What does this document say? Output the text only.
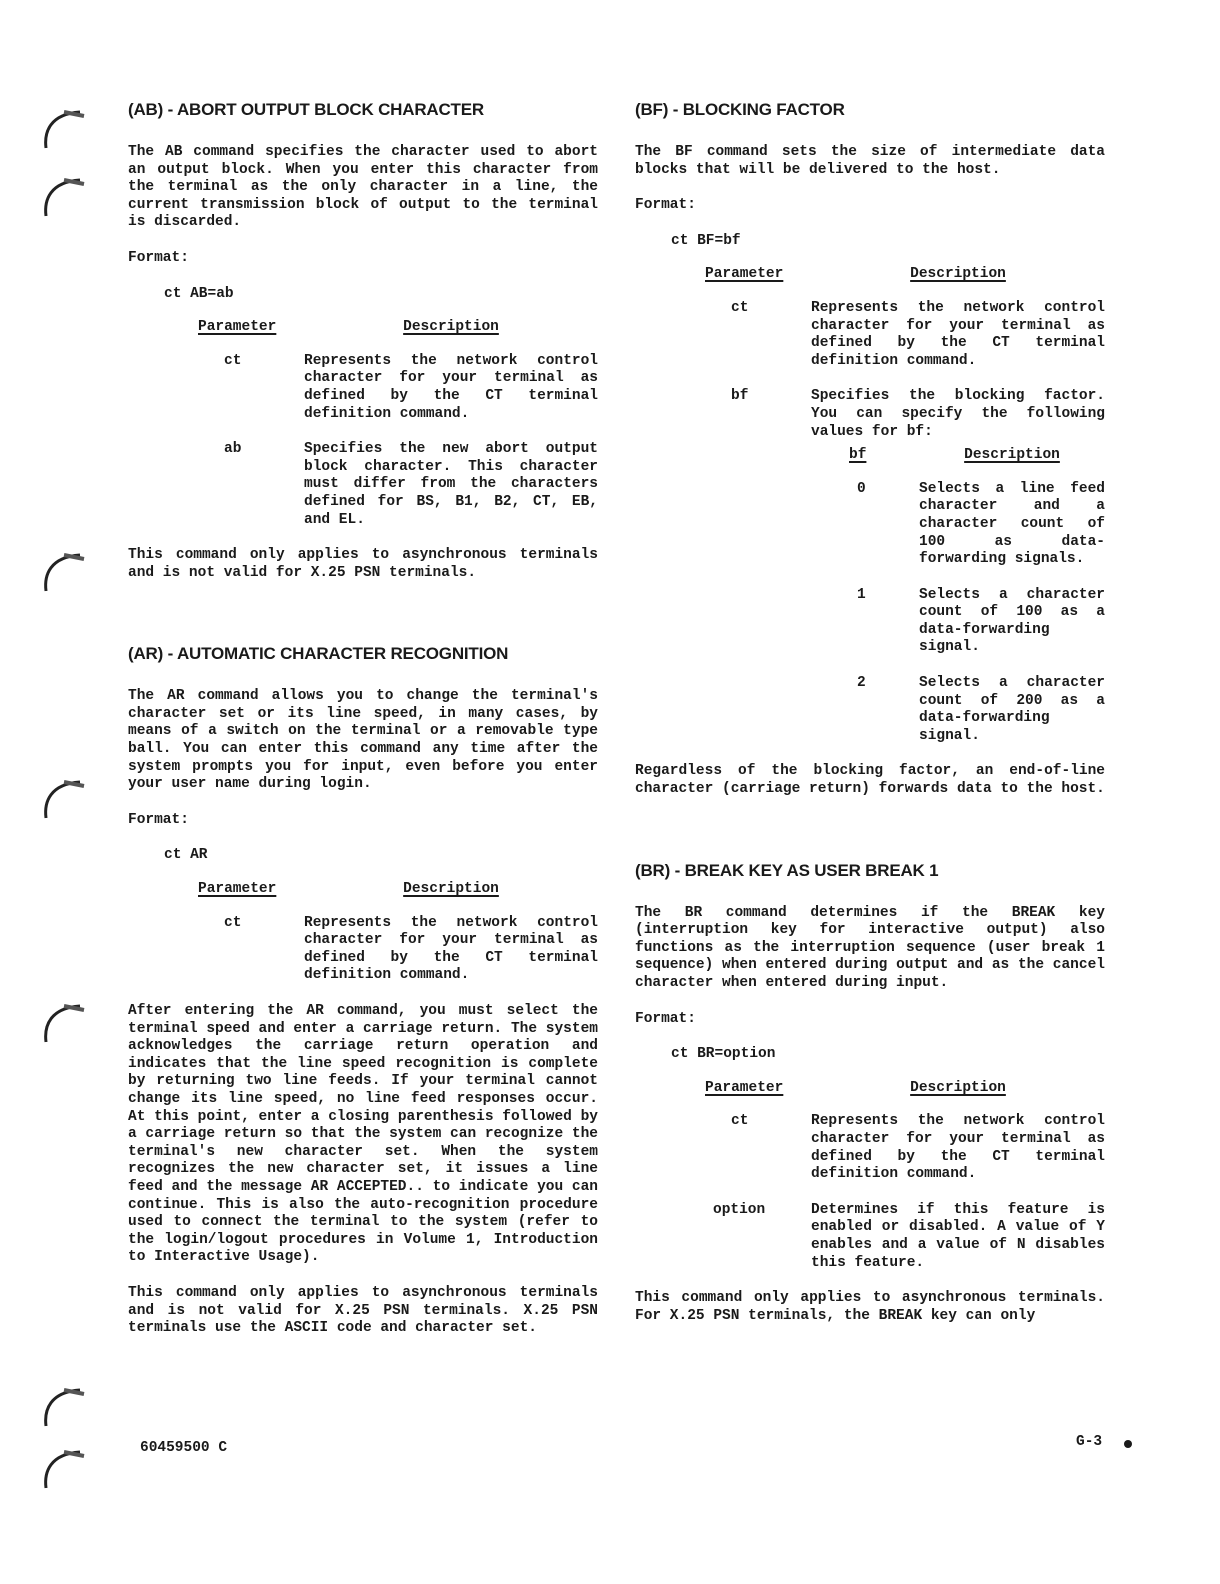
(AB) - ABORT OUTPUT BLOCK CHARACTER

The AB command specifies the character used to abort an output block. When you enter this character from the terminal as the only character in a line, the current transmission block of output to the terminal is discarded.

Format:
ct AB=ab
Parameter	Description
ct	Represents the network control character for your terminal as defined by the CT terminal definition command.
ab	Specifies the new abort output block character. This character must differ from the characters defined for BS, B1, B2, CT, EB, and EL.

This command only applies to asynchronous terminals and is not valid for X.25 PSN terminals.

(AR) - AUTOMATIC CHARACTER RECOGNITION

The AR command allows you to change the terminal's character set or its line speed, in many cases, by means of a switch on the terminal or a removable type ball. You can enter this command any time after the system prompts you for input, even before you enter your user name during login.

Format:
ct AR
Parameter	Description
ct	Represents the network control character for your terminal as defined by the CT terminal definition command.

After entering the AR command, you must select the terminal speed and enter a carriage return. The system acknowledges the carriage return operation and indicates that the line speed recognition is complete by returning two line feeds. If your terminal cannot change its line speed, no line feed responses occur. At this point, enter a closing parenthesis followed by a carriage return so that the system can recognize the terminal's new character set. When the system recognizes the new character set, it issues a line feed and the message AR ACCEPTED.. to indicate you can continue. This is also the auto-recognition procedure used to connect the terminal to the system (refer to the login/logout procedures in Volume 1, Introduction to Interactive Usage).

This command only applies to asynchronous terminals and is not valid for X.25 PSN terminals. X.25 PSN terminals use the ASCII code and character set.

(BF) - BLOCKING FACTOR

The BF command sets the size of intermediate data blocks that will be delivered to the host.

Format:
ct BF=bf
Parameter	Description
ct	Represents the network control character for your terminal as defined by the CT terminal definition command.
bf	Specifies the blocking factor. You can specify the following values for bf:
bf	Description
0	Selects a line feed character and a character count of 100 as data-forwarding signals.
1	Selects a character count of 100 as a data-forwarding signal.
2	Selects a character count of 200 as a data-forwarding signal.

Regardless of the blocking factor, an end-of-line character (carriage return) forwards data to the host.

(BR) - BREAK KEY AS USER BREAK 1

The BR command determines if the BREAK key (interruption key for interactive output) also functions as the interruption sequence (user break 1 sequence) when entered during output and as the cancel character when entered during input.

Format:
ct BR=option
Parameter	Description
ct	Represents the network control character for your terminal as defined by the CT terminal definition command.
option	Determines if this feature is enabled or disabled. A value of Y enables and a value of N disables this feature.

This command only applies to asynchronous terminals. For X.25 PSN terminals, the BREAK key can only

60459500 C	G-3
